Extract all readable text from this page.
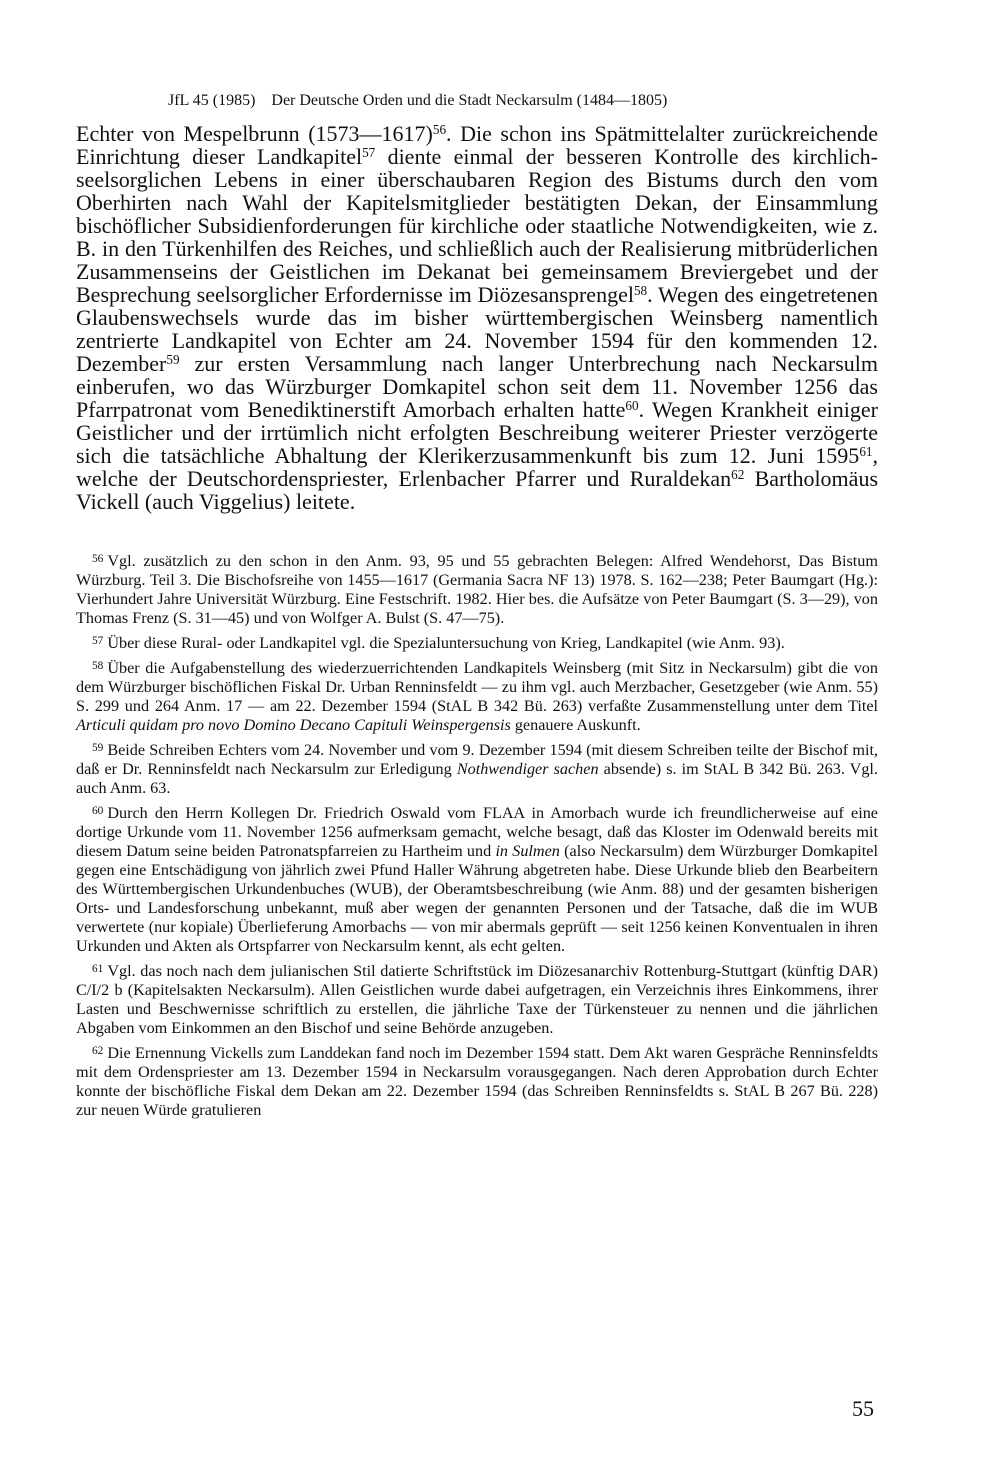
JfL 45 (1985) Der Deutsche Orden und die Stadt Neckarsulm (1484—1805)

Echter von Mespelbrunn (1573—1617)$^{56}$. Die schon ins Spätmittelalter zurückreichende Einrichtung dieser Landkapitel$^{57}$ diente einmal der besseren Kontrolle des kirchlich-seelsorglichen Lebens in einer überschaubaren Region des Bistums durch den vom Oberhirten nach Wahl der Kapitelsmitglieder bestätigten Dekan, der Einsammlung bischöflicher Subsidienforderungen für kirchliche oder staatliche Notwendigkeiten, wie z. B. in den Türkenhilfen des Reiches, und schließlich auch der Realisierung mitbrüderlichen Zusammenseins der Geistlichen im Dekanat bei gemeinsamem Breviergebet und der Besprechung seelsorglicher Erfordernisse im Diözesansprengel$^{58}$. Wegen des eingetretenen Glaubenswechsels wurde das im bisher württembergischen Weinsberg namentlich zentrierte Landkapitel von Echter am 24. November 1594 für den kommenden 12. Dezember$^{59}$ zur ersten Versammlung nach langer Unterbrechung nach Neckarsulm einberufen, wo das Würzburger Domkapitel schon seit dem 11. November 1256 das Pfarrpatronat vom Benediktinerstift Amorbach erhalten hatte$^{60}$. Wegen Krankheit einiger Geistlicher und der irrtümlich nicht erfolgten Beschreibung weiterer Priester verzögerte sich die tatsächliche Abhaltung der Klerikerzusammenkunft bis zum 12. Juni 1595$^{61}$, welche der Deutschordenspriester, Erlenbacher Pfarrer und Ruraldekan$^{62}$ Bartholomäus Vickell (auch Viggelius) leitete.

$^{56}$ Vgl. zusätzlich zu den schon in den Anm. 93, 95 und 55 gebrachten Belegen: Alfred Wendehorst, Das Bistum Würzburg. Teil 3. Die Bischofsreihe von 1455—1617 (Germania Sacra NF 13) 1978. S. 162—238; Peter Baumgart (Hg.): Vierhundert Jahre Universität Würzburg. Eine Festschrift. 1982. Hier bes. die Aufsätze von Peter Baumgart (S. 3—29), von Thomas Frenz (S. 31—45) und von Wolfger A. Bulst (S. 47—75).

$^{57}$ Über diese Rural- oder Landkapitel vgl. die Spezialuntersuchung von Krieg, Landkapitel (wie Anm. 93).

$^{58}$ Über die Aufgabenstellung des wiederzuerrichtenden Landkapitels Weinsberg (mit Sitz in Neckarsulm) gibt die von dem Würzburger bischöflichen Fiskal Dr. Urban Renninsfeldt — zu ihm vgl. auch Merzbacher, Gesetzgeber (wie Anm. 55) S. 299 und 264 Anm. 17 — am 22. Dezember 1594 (StAL B 342 Bü. 263) verfaßte Zusammenstellung unter dem Titel Articuli quidam pro novo Domino Decano Capituli Weinspergensis genauere Auskunft.

$^{59}$ Beide Schreiben Echters vom 24. November und vom 9. Dezember 1594 (mit diesem Schreiben teilte der Bischof mit, daß er Dr. Renninsfeldt nach Neckarsulm zur Erledigung Nothwendiger sachen absende) s. im StAL B 342 Bü. 263. Vgl. auch Anm. 63.

$^{60}$ Durch den Herrn Kollegen Dr. Friedrich Oswald vom FLAA in Amorbach wurde ich freundlicherweise auf eine dortige Urkunde vom 11. November 1256 aufmerksam gemacht, welche besagt, daß das Kloster im Odenwald bereits mit diesem Datum seine beiden Patronatspfarreien zu Hartheim und in Sulmen (also Neckarsulm) dem Würzburger Domkapitel gegen eine Entschädigung von jährlich zwei Pfund Haller Währung abgetreten habe. Diese Urkunde blieb den Bearbeitern des Württembergischen Urkundenbuches (WUB), der Oberamtsbeschreibung (wie Anm. 88) und der gesamten bisherigen Orts- und Landesforschung unbekannt, muß aber wegen der genannten Personen und der Tatsache, daß die im WUB verwertete (nur kopiale) Überlieferung Amorbachs — von mir abermals geprüft — seit 1256 keinen Konventualen in ihren Urkunden und Akten als Ortspfarrer von Neckarsulm kennt, als echt gelten.

$^{61}$ Vgl. das noch nach dem julianischen Stil datierte Schriftstück im Diözesanarchiv Rottenburg-Stuttgart (künftig DAR) C/I/2 b (Kapitelsakten Neckarsulm). Allen Geistlichen wurde dabei aufgetragen, ein Verzeichnis ihres Einkommens, ihrer Lasten und Beschwernisse schriftlich zu erstellen, die jährliche Taxe der Türkensteuer zu nennen und die jährlichen Abgaben vom Einkommen an den Bischof und seine Behörde anzugeben.

$^{62}$ Die Ernennung Vickells zum Landdekan fand noch im Dezember 1594 statt. Dem Akt waren Gespräche Renninsfeldts mit dem Ordenspriester am 13. Dezember 1594 in Neckarsulm vorausgegangen. Nach deren Approbation durch Echter konnte der bischöfliche Fiskal dem Dekan am 22. Dezember 1594 (das Schreiben Renninsfeldts s. StAL B 267 Bü. 228) zur neuen Würde gratulieren

55
